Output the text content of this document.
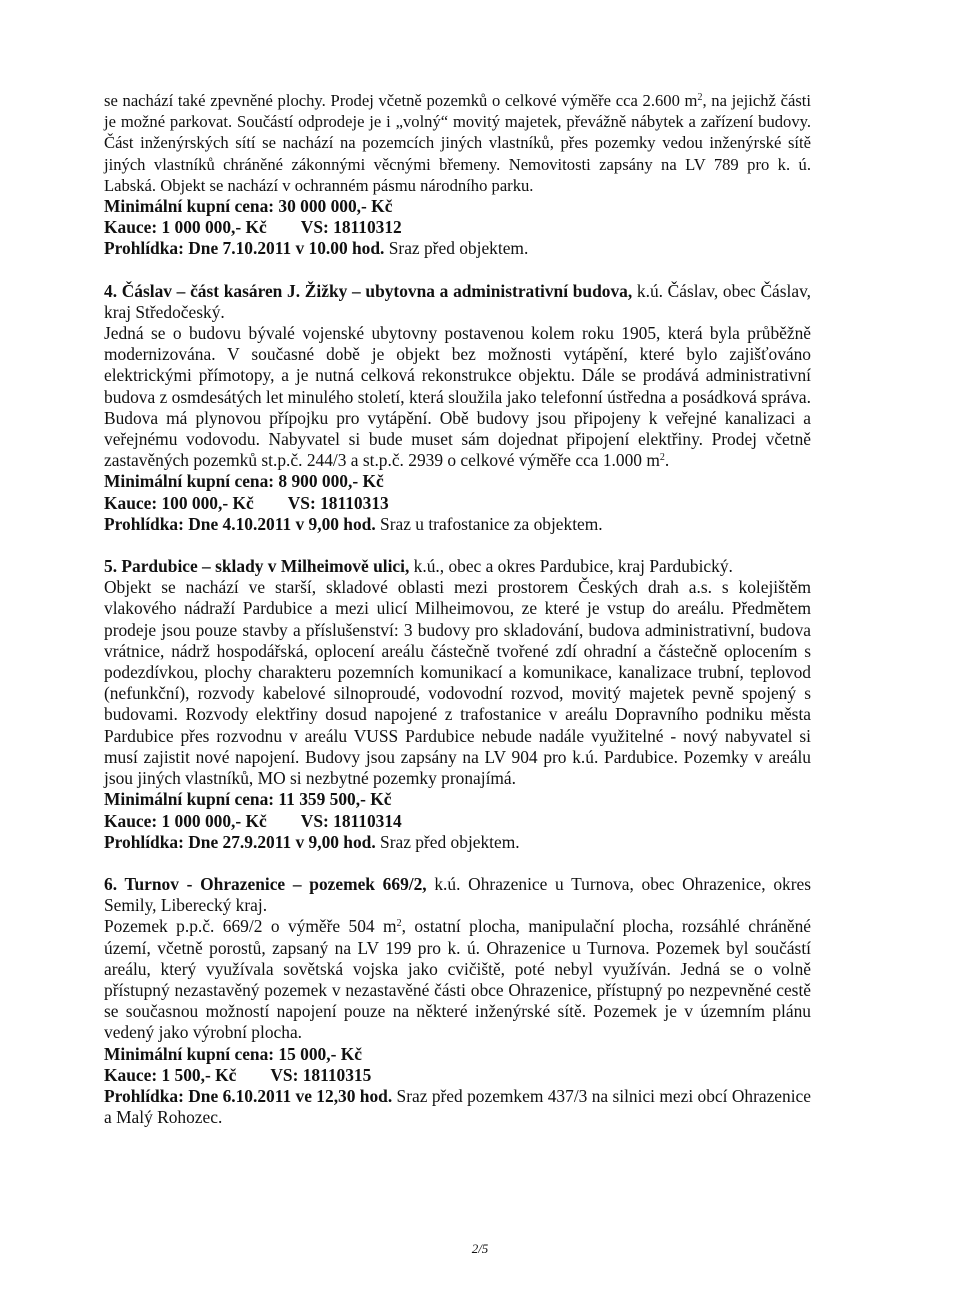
se nachází také zpevněné plochy. Prodej včetně pozemků o celkové výměře cca 2.600 $m^2$, na jejichž části je možné parkovat. Součástí odprodeje je i „volný“ movitý majetek, převážně nábytek a zařízení budovy. Část inženýrských sítí se nachází na pozemcích jiných vlastníků, přes pozemky vedou inženýrské sítě jiných vlastníků chráněné zákonnými věcnými břemeny. Nemovitosti zapsány na LV 789 pro k. ú. Labská. Objekt se nachází v ochranném pásmu národního parku.

Minimální kupní cena: 30 000 000,- Kč

Kauce: 1 000 000,- Kč VS: 18110312

Prohlídka: Dne 7.10.2011 v 10.00 hod. Sraz před objektem.

4. Čáslav – část kasáren J. Žižky – ubytovna a administrativní budova, k.ú. Čáslav, obec Čáslav, kraj Středočeský.

Jedná se o budovu bývalé vojenské ubytovny postavenou kolem roku 1905, která byla průběžně modernizována. V současné době je objekt bez možnosti vytápění, které bylo zajišťováno elektrickými přímotopy, a je nutná celková rekonstrukce objektu. Dále se prodává administrativní budova z osmdesátých let minulého století, která sloužila jako telefonní ústředna a posádková správa. Budova má plynovou přípojku pro vytápění. Obě budovy jsou připojeny k veřejné kanalizaci a veřejnému vodovodu. Nabyvatel si bude muset sám dojednat připojení elektřiny. Prodej včetně zastavěných pozemků st.p.č. 244/3 a st.p.č. 2939 o celkové výměře cca 1.000 $m^2$.

Minimální kupní cena: 8 900 000,- Kč

Kauce: 100 000,- Kč VS: 18110313

Prohlídka: Dne 4.10.2011 v 9,00 hod. Sraz u trafostanice za objektem.

5. Pardubice – sklady v Milheimově ulici, k.ú., obec a okres Pardubice, kraj Pardubický.

Objekt se nachází ve starší, skladové oblasti mezi prostorem Českých drah a.s. s kolejištěm vlakového nádraží Pardubice a mezi ulicí Milheimovou, ze které je vstup do areálu. Předmětem prodeje jsou pouze stavby a příslušenství: 3 budovy pro skladování, budova administrativní, budova vrátnice, nádrž hospodářská, oplocení areálu částečně tvořené zdí ohradní a částečně oplocením s podezdívkou, plochy charakteru pozemních komunikací a komunikace, kanalizace trubní, teplovod (nefunkční), rozvody kabelové silnoproudé, vodovodní rozvod, movitý majetek pevně spojený s budovami. Rozvody elektřiny dosud napojené z trafostanice v areálu Dopravního podniku města Pardubice přes rozvodnu v areálu VUSS Pardubice nebude nadále využitelné - nový nabyvatel si musí zajistit nové napojení. Budovy jsou zapsány na LV 904 pro k.ú. Pardubice. Pozemky v areálu jsou jiných vlastníků, MO si nezbytné pozemky pronajímá.

Minimální kupní cena: 11 359 500,- Kč

Kauce: 1 000 000,- Kč VS: 18110314

Prohlídka: Dne 27.9.2011 v 9,00 hod. Sraz před objektem.

6. Turnov - Ohrazenice – pozemek 669/2, k.ú. Ohrazenice u Turnova, obec Ohrazenice, okres Semily, Liberecký kraj.

Pozemek p.p.č. 669/2 o výměře 504 $m^2$, ostatní plocha, manipulační plocha, rozsáhlé chráněné území, včetně porostů, zapsaný na LV 199 pro k. ú. Ohrazenice u Turnova. Pozemek byl součástí areálu, který využívala sovětská vojska jako cvičiště, poté nebyl využíván. Jedná se o volně přístupný nezastavěný pozemek v nezastavěné části obce Ohrazenice, přístupný po nezpevněné cestě se současnou možností napojení pouze na některé inženýrské sítě. Pozemek je v územním plánu vedený jako výrobní plocha.

Minimální kupní cena: 15 000,- Kč

Kauce: 1 500,- Kč VS: 18110315

Prohlídka: Dne 6.10.2011 ve 12,30 hod. Sraz před pozemkem 437/3 na silnici mezi obcí Ohrazenice a Malý Rohozec.

2/5
